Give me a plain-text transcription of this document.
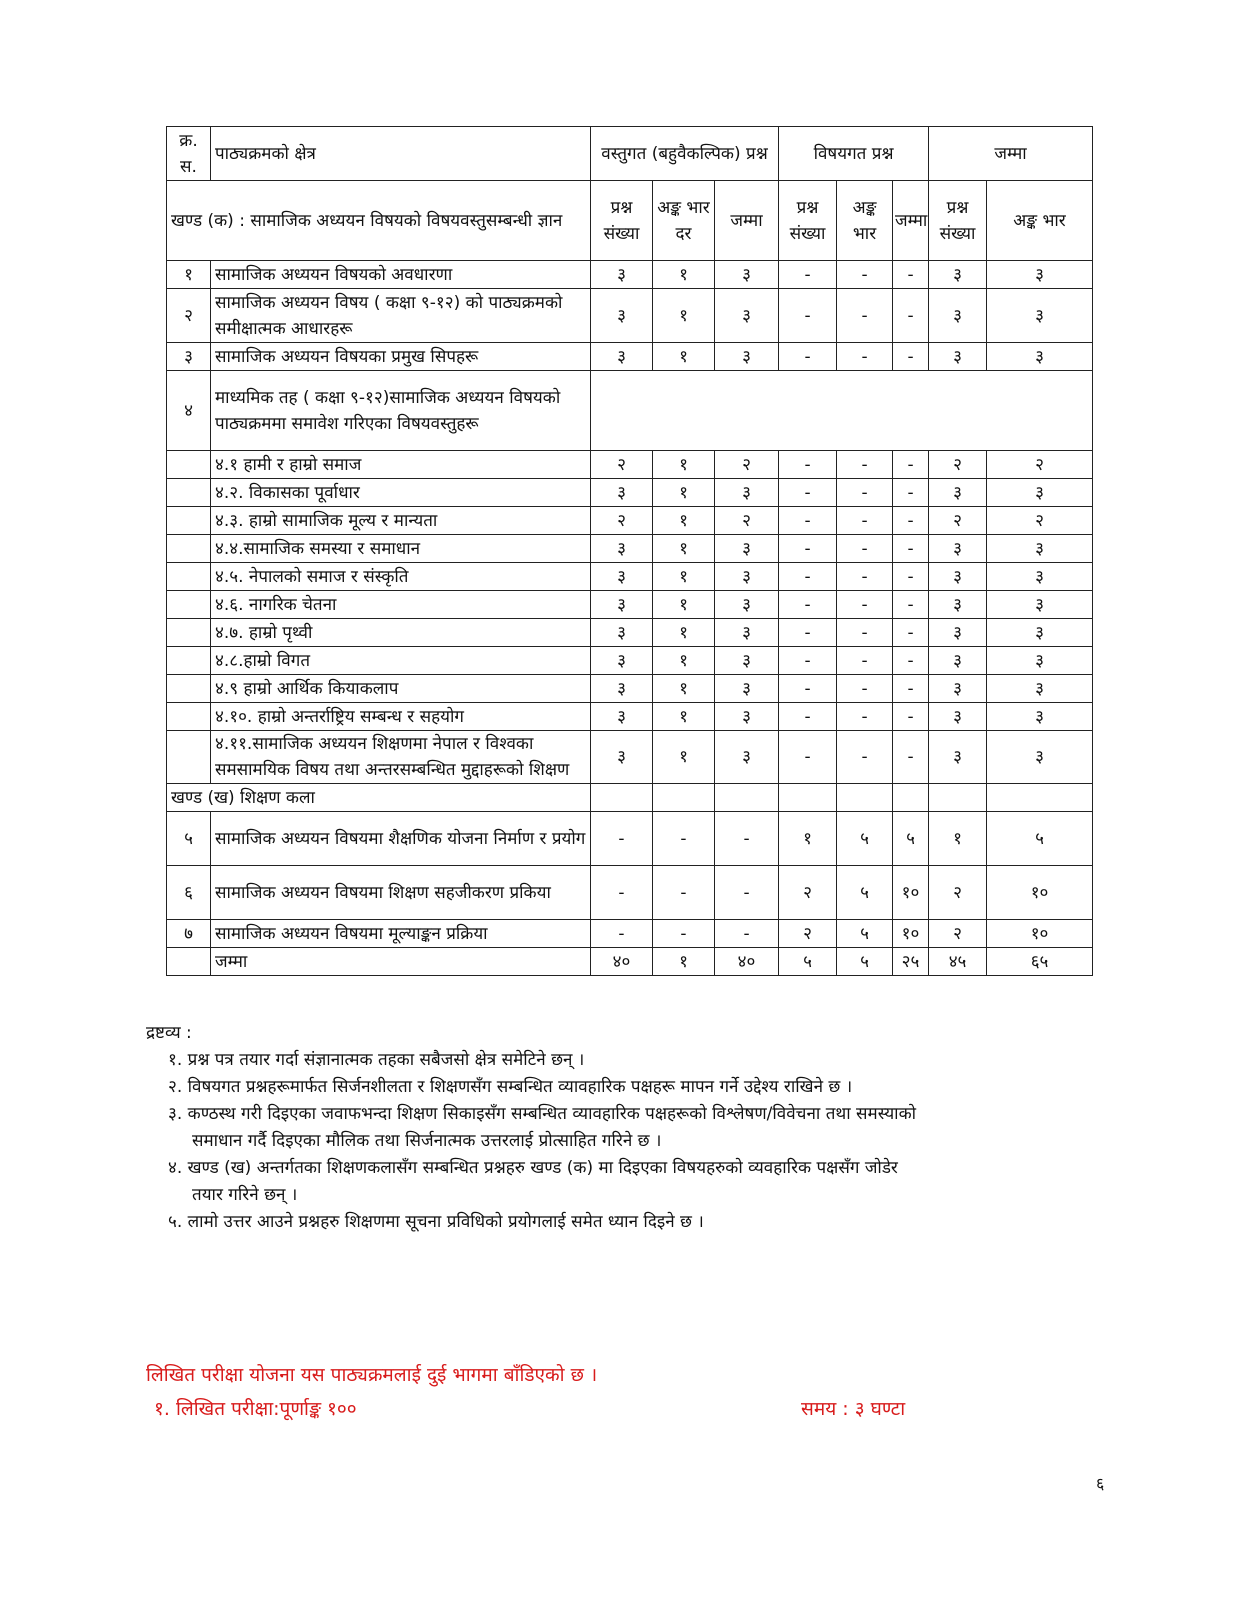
क्र. स.	पाठ्यक्रमको क्षेत्र	वस्तुगत (बहुवैकल्पिक) प्रश्न			विषयगत प्रश्न			जम्मा	
खण्ड (क) : सामाजिक अध्ययन विषयको विषयवस्तुसम्बन्धी ज्ञान		प्रश्न संख्या	अङ्क भार दर	जम्मा	प्रश्न संख्या	अङ्क भार	जम्मा	प्रश्न संख्या	अङ्क भार
१	सामाजिक अध्ययन विषयको अवधारणा	३	१	३	-	-	-	३	३
२	सामाजिक अध्ययन विषय ( कक्षा ९-१२) को पाठ्यक्रमको समीक्षात्मक आधारहरू	३	१	३	-	-	-	३	३
३	सामाजिक अध्ययन विषयका प्रमुख सिपहरू	३	१	३	-	-	-	३	३
४	माध्यमिक तह ( कक्षा ९-१२)सामाजिक अध्ययन विषयको पाठ्यक्रममा समावेश गरिएका विषयवस्तुहरू								
	४.१ हामी र हाम्रो समाज	२	१	२	-	-	-	२	२
	४.२. विकासका पूर्वाधार	३	१	३	-	-	-	३	३
	४.३. हाम्रो सामाजिक मूल्य र मान्यता	२	१	२	-	-	-	२	२
	४.४.सामाजिक समस्या र समाधान	३	१	३	-	-	-	३	३
	४.५. नेपालको समाज र संस्कृति	३	१	३	-	-	-	३	३
	४.६. नागरिक चेतना	३	१	३	-	-	-	३	३
	४.७. हाम्रो पृथ्वी	३	१	३	-	-	-	३	३
	४.८.हाम्रो विगत	३	१	३	-	-	-	३	३
	४.९ हाम्रो आर्थिक कियाकलाप	३	१	३	-	-	-	३	३
	४.१०. हाम्रो अन्तर्राष्ट्रिय सम्बन्ध र सहयोग	३	१	३	-	-	-	३	३
	४.११.सामाजिक अध्ययन शिक्षणमा नेपाल र विश्वका समसामयिक विषय तथा अन्तरसम्बन्धित मुद्दाहरूको शिक्षण	३	१	३	-	-	-	३	३
खण्ड (ख) शिक्षण कला									
५	सामाजिक अध्ययन विषयमा शैक्षणिक योजना निर्माण र प्रयोग	-	-	-	१	५	५	१	५
६	सामाजिक अध्ययन विषयमा शिक्षण सहजीकरण प्रकिया	-	-	-	२	५	१०	२	१०
७	सामाजिक अध्ययन विषयमा मूल्याङ्कन प्रक्रिया	-	-	-	२	५	१०	२	१०
	जम्मा	४०	१	४०	५	५	२५	४५	६५
द्रष्टव्य :
१. प्रश्न पत्र तयार गर्दा संज्ञानात्मक तहका सबैजसो क्षेत्र समेटिने छन् ।
२. विषयगत प्रश्नहरूमार्फत सिर्जनशीलता र शिक्षणसँग सम्बन्धित व्यावहारिक पक्षहरू मापन गर्ने उद्देश्य राखिने छ ।
३. कण्ठस्थ गरी दिइएका जवाफभन्दा शिक्षण सिकाइसँग सम्बन्धित व्यावहारिक पक्षहरूको विश्लेषण/विवेचना तथा समस्याको
समाधान गर्दै दिइएका मौलिक तथा सिर्जनात्मक उत्तरलाई प्रोत्साहित गरिने छ ।
४. खण्ड (ख) अन्तर्गतका शिक्षणकलासँग सम्बन्धित प्रश्नहरु खण्ड (क) मा दिइएका विषयहरुको व्यवहारिक पक्षसँग जोडेर
तयार गरिने छन् ।
५. लामो उत्तर आउने प्रश्नहरु शिक्षणमा सूचना प्रविधिको प्रयोगलाई समेत ध्यान दिइने छ ।
लिखित परीक्षा योजना यस पाठ्यक्रमलाई दुई भागमा बाँडिएको छ ।
१. लिखित परीक्षा:पूर्णाङ्क १००	समय : ३ घण्टा
६
